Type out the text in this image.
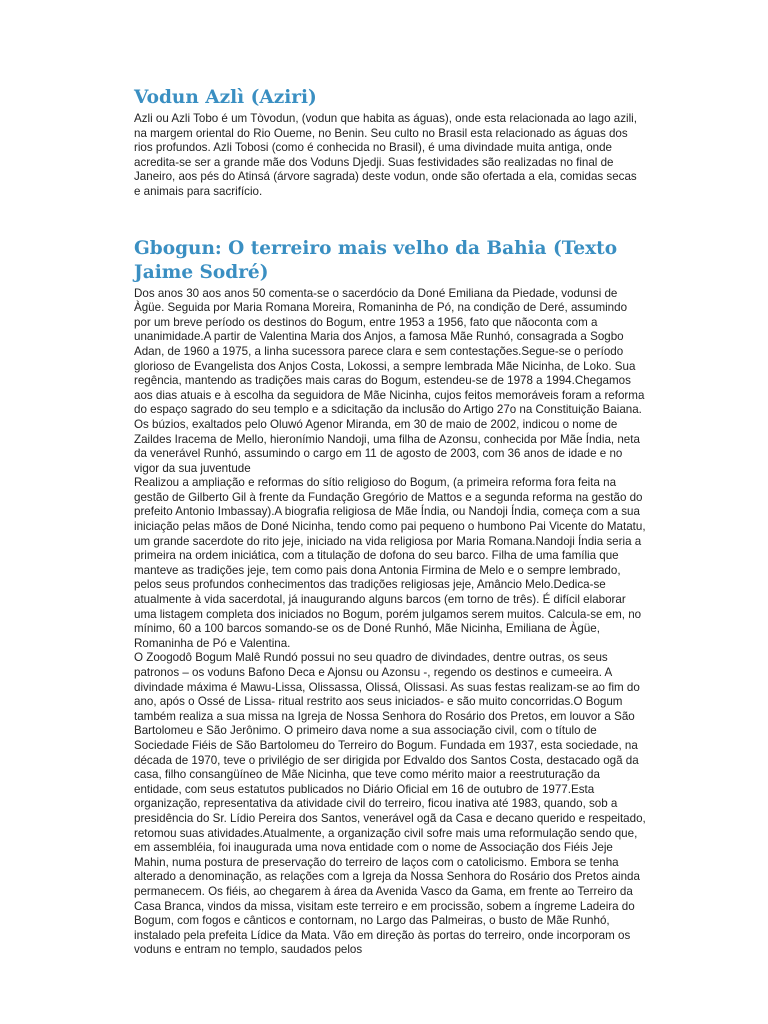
Vodun Azlì (Aziri)

Azli ou Azli Tobo é um Tòvodun, (vodun que habita as águas), onde esta relacionada ao lago azili, na margem oriental do Rio Oueme, no Benin. Seu culto no Brasil esta relacionado as águas dos rios profundos. Azli Tobosi (como é conhecida no Brasil), é uma divindade muita antiga, onde acredita-se ser a grande mãe dos Voduns Djedji. Suas festividades são realizadas no final de Janeiro, aos pés do Atinsá (árvore sagrada) deste vodun, onde são ofertada a ela, comidas secas e animais para sacrifício.

Gbogun: O terreiro mais velho da Bahia (Texto Jaime Sodré)

Dos anos 30 aos anos 50 comenta-se o sacerdócio da Doné Emiliana da Piedade, vodunsi de Àgüe. Seguida por Maria Romana Moreira, Romaninha de Pó, na condição de Deré, assumindo por um breve período os destinos do Bogum, entre 1953 a 1956, fato que nãoconta com a unanimidade.A partir de Valentina Maria dos Anjos, a famosa Mãe Runhó, consagrada a Sogbo Adan, de 1960 a 1975, a linha sucessora parece clara e sem contestações.Segue-se o período glorioso de Evangelista dos Anjos Costa, Lokossi, a sempre lembrada Mãe Nicinha, de Loko. Sua regência, mantendo as tradições mais caras do Bogum, estendeu-se de 1978 a 1994.Chegamos aos dias atuais e à escolha da seguidora de Mãe Nicinha, cujos feitos memoráveis foram a reforma do espaço sagrado do seu templo e a sdicitação da inclusão do Artigo 27o na Constituição Baiana. Os búzios, exaltados pelo Oluwó Agenor Miranda, em 30 de maio de 2002, indicou o nome de Zaildes Iracema de Mello, hieronímio Nandoji, uma filha de Azonsu, conhecida por Mãe Índia, neta da venerável Runhó, assumindo o cargo em 11 de agosto de 2003, com 36 anos de idade e no vigor da sua juventude

Realizou a ampliação e reformas do sítio religioso do Bogum, (a primeira reforma fora feita na gestão de Gilberto Gil à frente da Fundação Gregório de Mattos e a segunda reforma na gestão do prefeito Antonio Imbassay).A biografia religiosa de Mãe Índia, ou Nandoji Índia, começa com a sua iniciação pelas mãos de Doné Nicinha, tendo como pai pequeno o humbono Pai Vicente do Matatu, um grande sacerdote do rito jeje, iniciado na vida religiosa por Maria Romana.Nandoji Índia seria a primeira na ordem iniciática, com a titulação de dofona do seu barco. Filha de uma família que manteve as tradições jeje, tem como pais dona Antonia Firmina de Melo e o sempre lembrado, pelos seus profundos conhecimentos das tradições religiosas jeje, Amâncio Melo.Dedica-se atualmente à vida sacerdotal, já inaugurando alguns barcos (em torno de três). É difícil elaborar uma listagem completa dos iniciados no Bogum, porém julgamos serem muitos. Calcula-se em, no mínimo, 60 a 100 barcos somando-se os de Doné Runhó, Mãe Nicinha, Emiliana de Àgüe, Romaninha de Pó e Valentina.

O Zoogodô Bogum Malê Rundó possui no seu quadro de divindades, dentre outras, os seus patronos – os voduns Bafono Deca e Ajonsu ou Azonsu -, regendo os destinos e cumeeira. A divindade máxima é Mawu-Lissa, Olissassa, Olissá, Olissasi. As suas festas realizam-se ao fim do ano, após o Ossé de Lissa- ritual restrito aos seus iniciados- e são muito concorridas.O Bogum também realiza a sua missa na Igreja de Nossa Senhora do Rosário dos Pretos, em louvor a São Bartolomeu e São Jerônimo. O primeiro dava nome a sua associação civil, com o título de Sociedade Fiéis de São Bartolomeu do Terreiro do Bogum. Fundada em 1937, esta sociedade, na década de 1970, teve o privilégio de ser dirigida por Edvaldo dos Santos Costa, destacado ogã da casa, filho consangüíneo de Mãe Nicinha, que teve como mérito maior a reestruturação da entidade, com seus estatutos publicados no Diário Oficial em 16 de outubro de 1977.Esta organização, representativa da atividade civil do terreiro, ficou inativa até 1983, quando, sob a presidência do Sr. Lídio Pereira dos Santos, venerável ogã da Casa e decano querido e respeitado, retomou suas atividades.Atualmente, a organização civil sofre mais uma reformulação sendo que, em assembléia, foi inaugurada uma nova entidade com o nome de Associação dos Fiéis Jeje Mahin, numa postura de preservação do terreiro de laços com o catolicismo. Embora se tenha alterado a denominação, as relações com a Igreja da Nossa Senhora do Rosário dos Pretos ainda permanecem. Os fiéis, ao chegarem à área da Avenida Vasco da Gama, em frente ao Terreiro da Casa Branca, vindos da missa, visitam este terreiro e em procissão, sobem a íngreme Ladeira do Bogum, com fogos e cânticos e contornam, no Largo das Palmeiras, o busto de Mãe Runhó, instalado pela prefeita Lídice da Mata. Vão em direção às portas do terreiro, onde incorporam os voduns e entram no templo, saudados pelos
